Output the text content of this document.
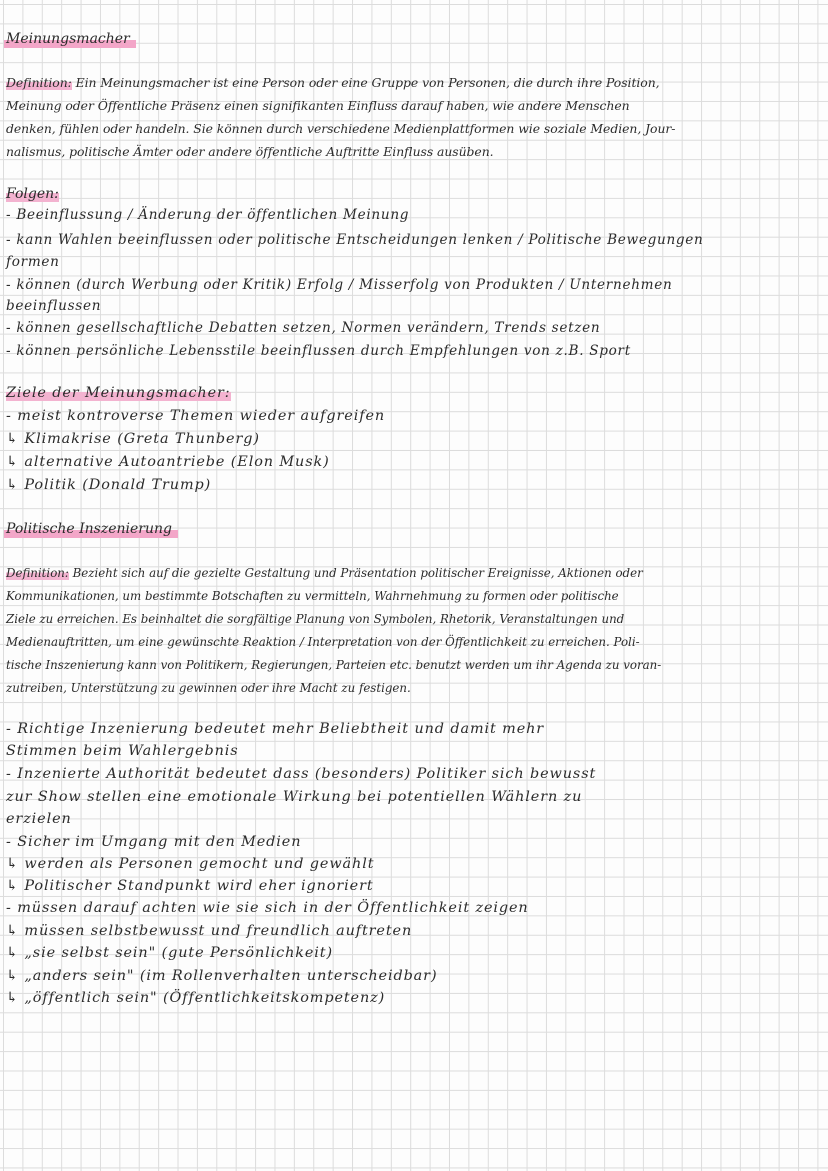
Meinungsmacher
Definition: Ein Meinungsmacher ist eine Person oder eine Gruppe von Personen, die durch ihre Position,
Meinung oder Öffentliche Präsenz einen signifikanten Einfluss darauf haben, wie andere Menschen
denken, fühlen oder handeln. Sie können durch verschiedene Medienplattformen wie soziale Medien, Jour-
nalismus, politische Ämter oder andere öffentliche Auftritte Einfluss ausüben.
Folgen:
- Beeinflussung / Änderung der öffentlichen Meinung
- kann Wahlen beeinflussen oder politische Entscheidungen lenken / Politische Bewegungen
formen
- können (durch Werbung oder Kritik) Erfolg / Misserfolg von Produkten / Unternehmen
beeinflussen
- können gesellschaftliche Debatten setzen, Normen verändern, Trends setzen
- können persönliche Lebensstile beeinflussen durch Empfehlungen von z.B. Sport
Ziele der Meinungsmacher:
- meist kontroverse Themen wieder aufgreifen
↳ Klimakrise (Greta Thunberg)
↳ alternative Autoantriebe (Elon Musk)
↳ Politik (Donald Trump)
Politische Inszenierung
Definition: Bezieht sich auf die gezielte Gestaltung und Präsentation politischer Ereignisse, Aktionen oder
Kommunikationen, um bestimmte Botschaften zu vermitteln, Wahrnehmung zu formen oder politische
Ziele zu erreichen. Es beinhaltet die sorgfältige Planung von Symbolen, Rhetorik, Veranstaltungen und
Medienauftritten, um eine gewünschte Reaktion / Interpretation von der Öffentlichkeit zu erreichen. Poli-
tische Inszenierung kann von Politikern, Regierungen, Parteien etc. benutzt werden um ihr Agenda zu voran-
zutreiben, Unterstützung zu gewinnen oder ihre Macht zu festigen.
- Richtige Inzenierung bedeutet mehr Beliebtheit und damit mehr
Stimmen beim Wahlergebnis
- Inzenierte Authorität bedeutet dass (besonders) Politiker sich bewusst
zur Show stellen eine emotionale Wirkung bei potentiellen Wählern zu
erzielen
- Sicher im Umgang mit den Medien
↳ werden als Personen gemocht und gewählt
↳ Politischer Standpunkt wird eher ignoriert
- müssen darauf achten wie sie sich in der Öffentlichkeit zeigen
↳ müssen selbstbewusst und freundlich auftreten
↳ „sie selbst sein" (gute Persönlichkeit)
↳ „anders sein" (im Rollenverhalten unterscheidbar)
↳ „öffentlich sein" (Öffentlichkeitskompetenz)
